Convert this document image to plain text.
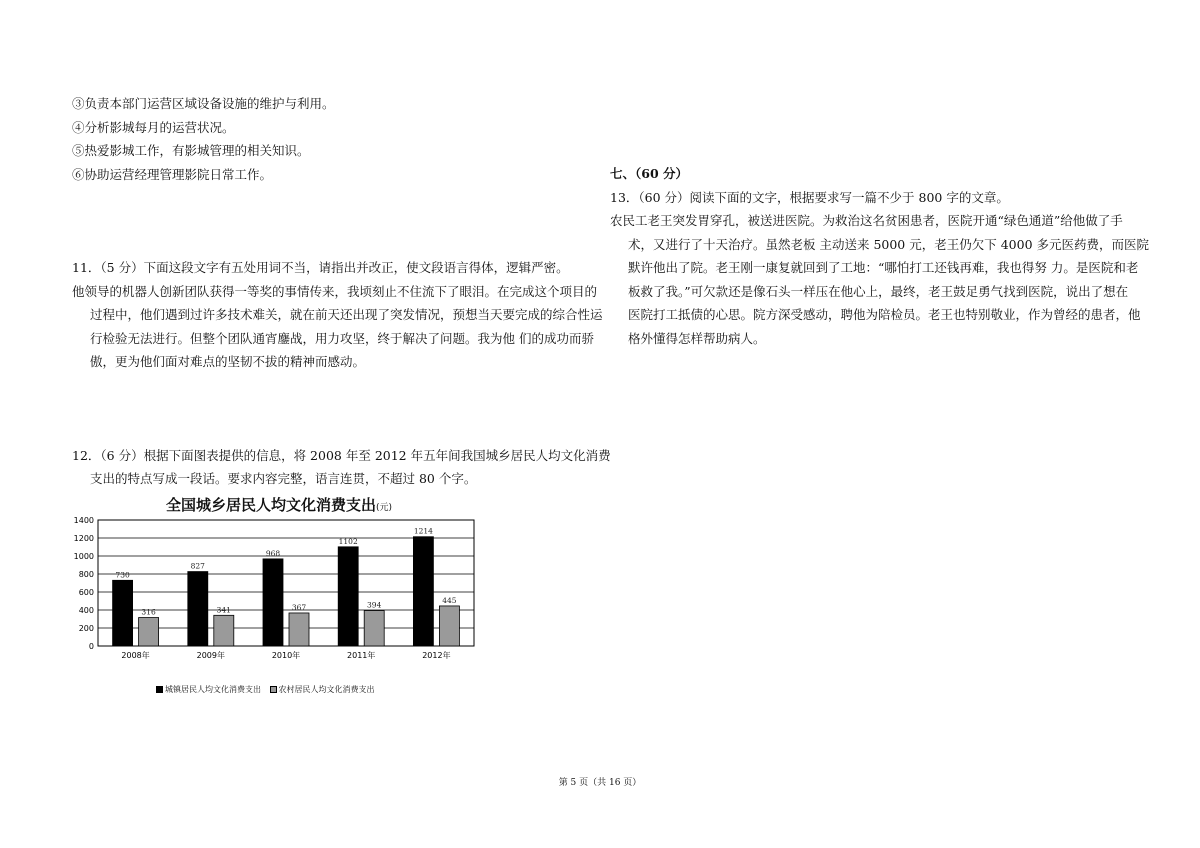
③负责本部门运营区域设备设施的维护与利用。
④分析影城每月的运营状况。
⑤热爱影城工作，有影城管理的相关知识。
⑥协助运营经理管理影院日常工作。
11．（5 分）下面这段文字有五处用词不当，请指出并改正，使文段语言得体，逻辑严密。
他领导的机器人创新团队获得一等奖的事情传来，我顷刻止不住流下了眼泪。在完成这个项目的
过程中，他们遇到过许多技术难关，就在前天还出现了突发情况，预想当天要完成的综合性运
行检验无法进行。但整个团队通宵鏖战，用力攻坚，终于解决了问题。我为他 们的成功而骄
傲，更为他们面对难点的坚韧不拔的精神而感动。
12．（6 分）根据下面图表提供的信息，将 2008 年至 2012 年五年间我国城乡居民人均文化消费
支出的特点写成一段话。要求内容完整，语言连贯，不超过 80 个字。
全国城乡居民人均文化消费支出(元)
0
200
400
600
800
1000
1200
1400
2008年
730
316
2009年
827
341
2010年
968
367
2011年
1102
394
2012年
1214
445
城镇居民人均文化消费支出 农村居民人均文化消费支出
七、（60 分）
13．（60 分）阅读下面的文字，根据要求写一篇不少于 800 字的文章。
农民工老王突发胃穿孔，被送进医院。为救治这名贫困患者，医院开通“绿色通道”给他做了手
术，又进行了十天治疗。虽然老板 主动送来 5000 元，老王仍欠下 4000 多元医药费，而医院
默许他出了院。老王刚一康复就回到了工地：“哪怕打工还钱再难，我也得努 力。是医院和老
板救了我。”可欠款还是像石头一样压在他心上，最终，老王鼓足勇气找到医院，说出了想在
医院打工抵债的心思。院方深受感动，聘他为陪检员。老王也特别敬业，作为曾经的患者，他
格外懂得怎样帮助病人。
第 5 页（共 16 页）
